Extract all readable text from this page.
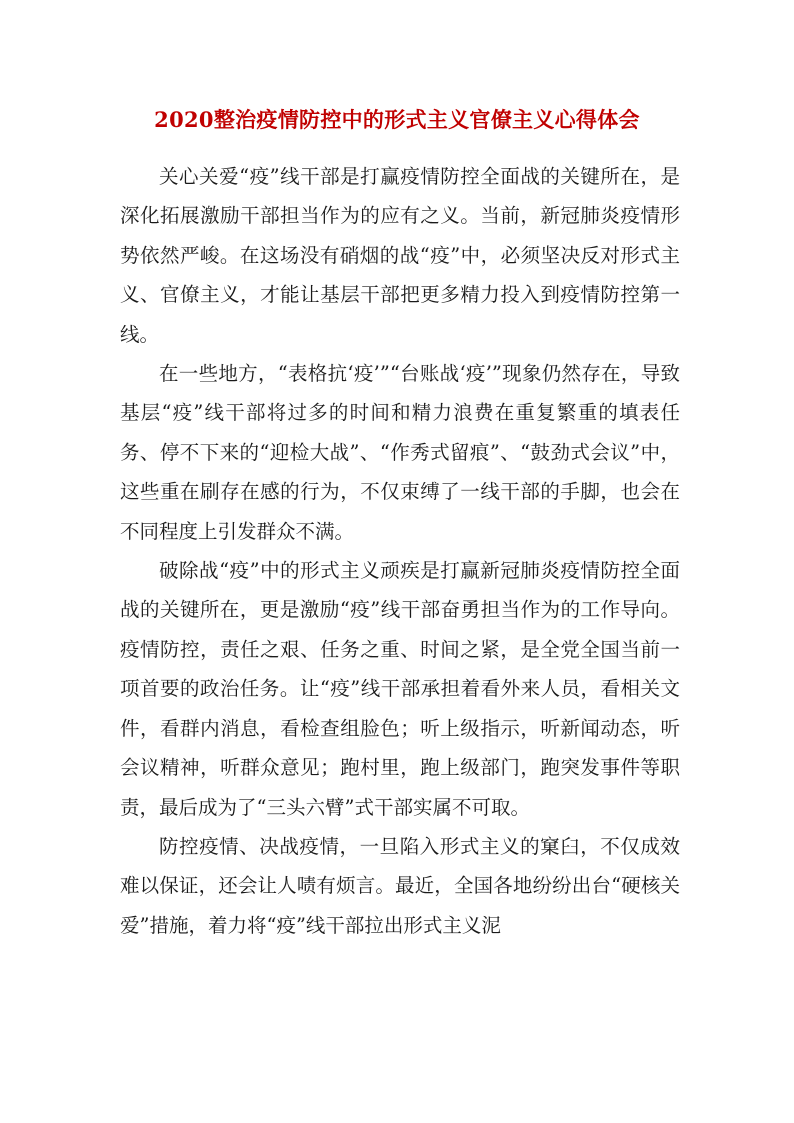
2020整治疫情防控中的形式主义官僚主义心得体会

关心关爱“疫”线干部是打赢疫情防控全面战的关键所在，是深化拓展激励干部担当作为的应有之义。当前，新冠肺炎疫情形势依然严峻。在这场没有硝烟的战“疫”中，必须坚决反对形式主义、官僚主义，才能让基层干部把更多精力投入到疫情防控第一线。

在一些地方，“表格抗‘疫’”“台账战‘疫’”现象仍然存在，导致基层“疫”线干部将过多的时间和精力浪费在重复繁重的填表任务、停不下来的“迎检大战”、“作秀式留痕”、“鼓劲式会议”中，这些重在刷存在感的行为，不仅束缚了一线干部的手脚，也会在不同程度上引发群众不满。

破除战“疫”中的形式主义顽疾是打赢新冠肺炎疫情防控全面战的关键所在，更是激励“疫”线干部奋勇担当作为的工作导向。疫情防控，责任之艰、任务之重、时间之紧，是全党全国当前一项首要的政治任务。让“疫”线干部承担着看外来人员，看相关文件，看群内消息，看检查组脸色；听上级指示，听新闻动态，听会议精神，听群众意见；跑村里，跑上级部门，跑突发事件等职责，最后成为了“三头六臂”式干部实属不可取。

防控疫情、决战疫情，一旦陷入形式主义的窠臼，不仅成效难以保证，还会让人啧有烦言。最近，全国各地纷纷出台“硬核关爱”措施，着力将“疫”线干部拉出形式主义泥
